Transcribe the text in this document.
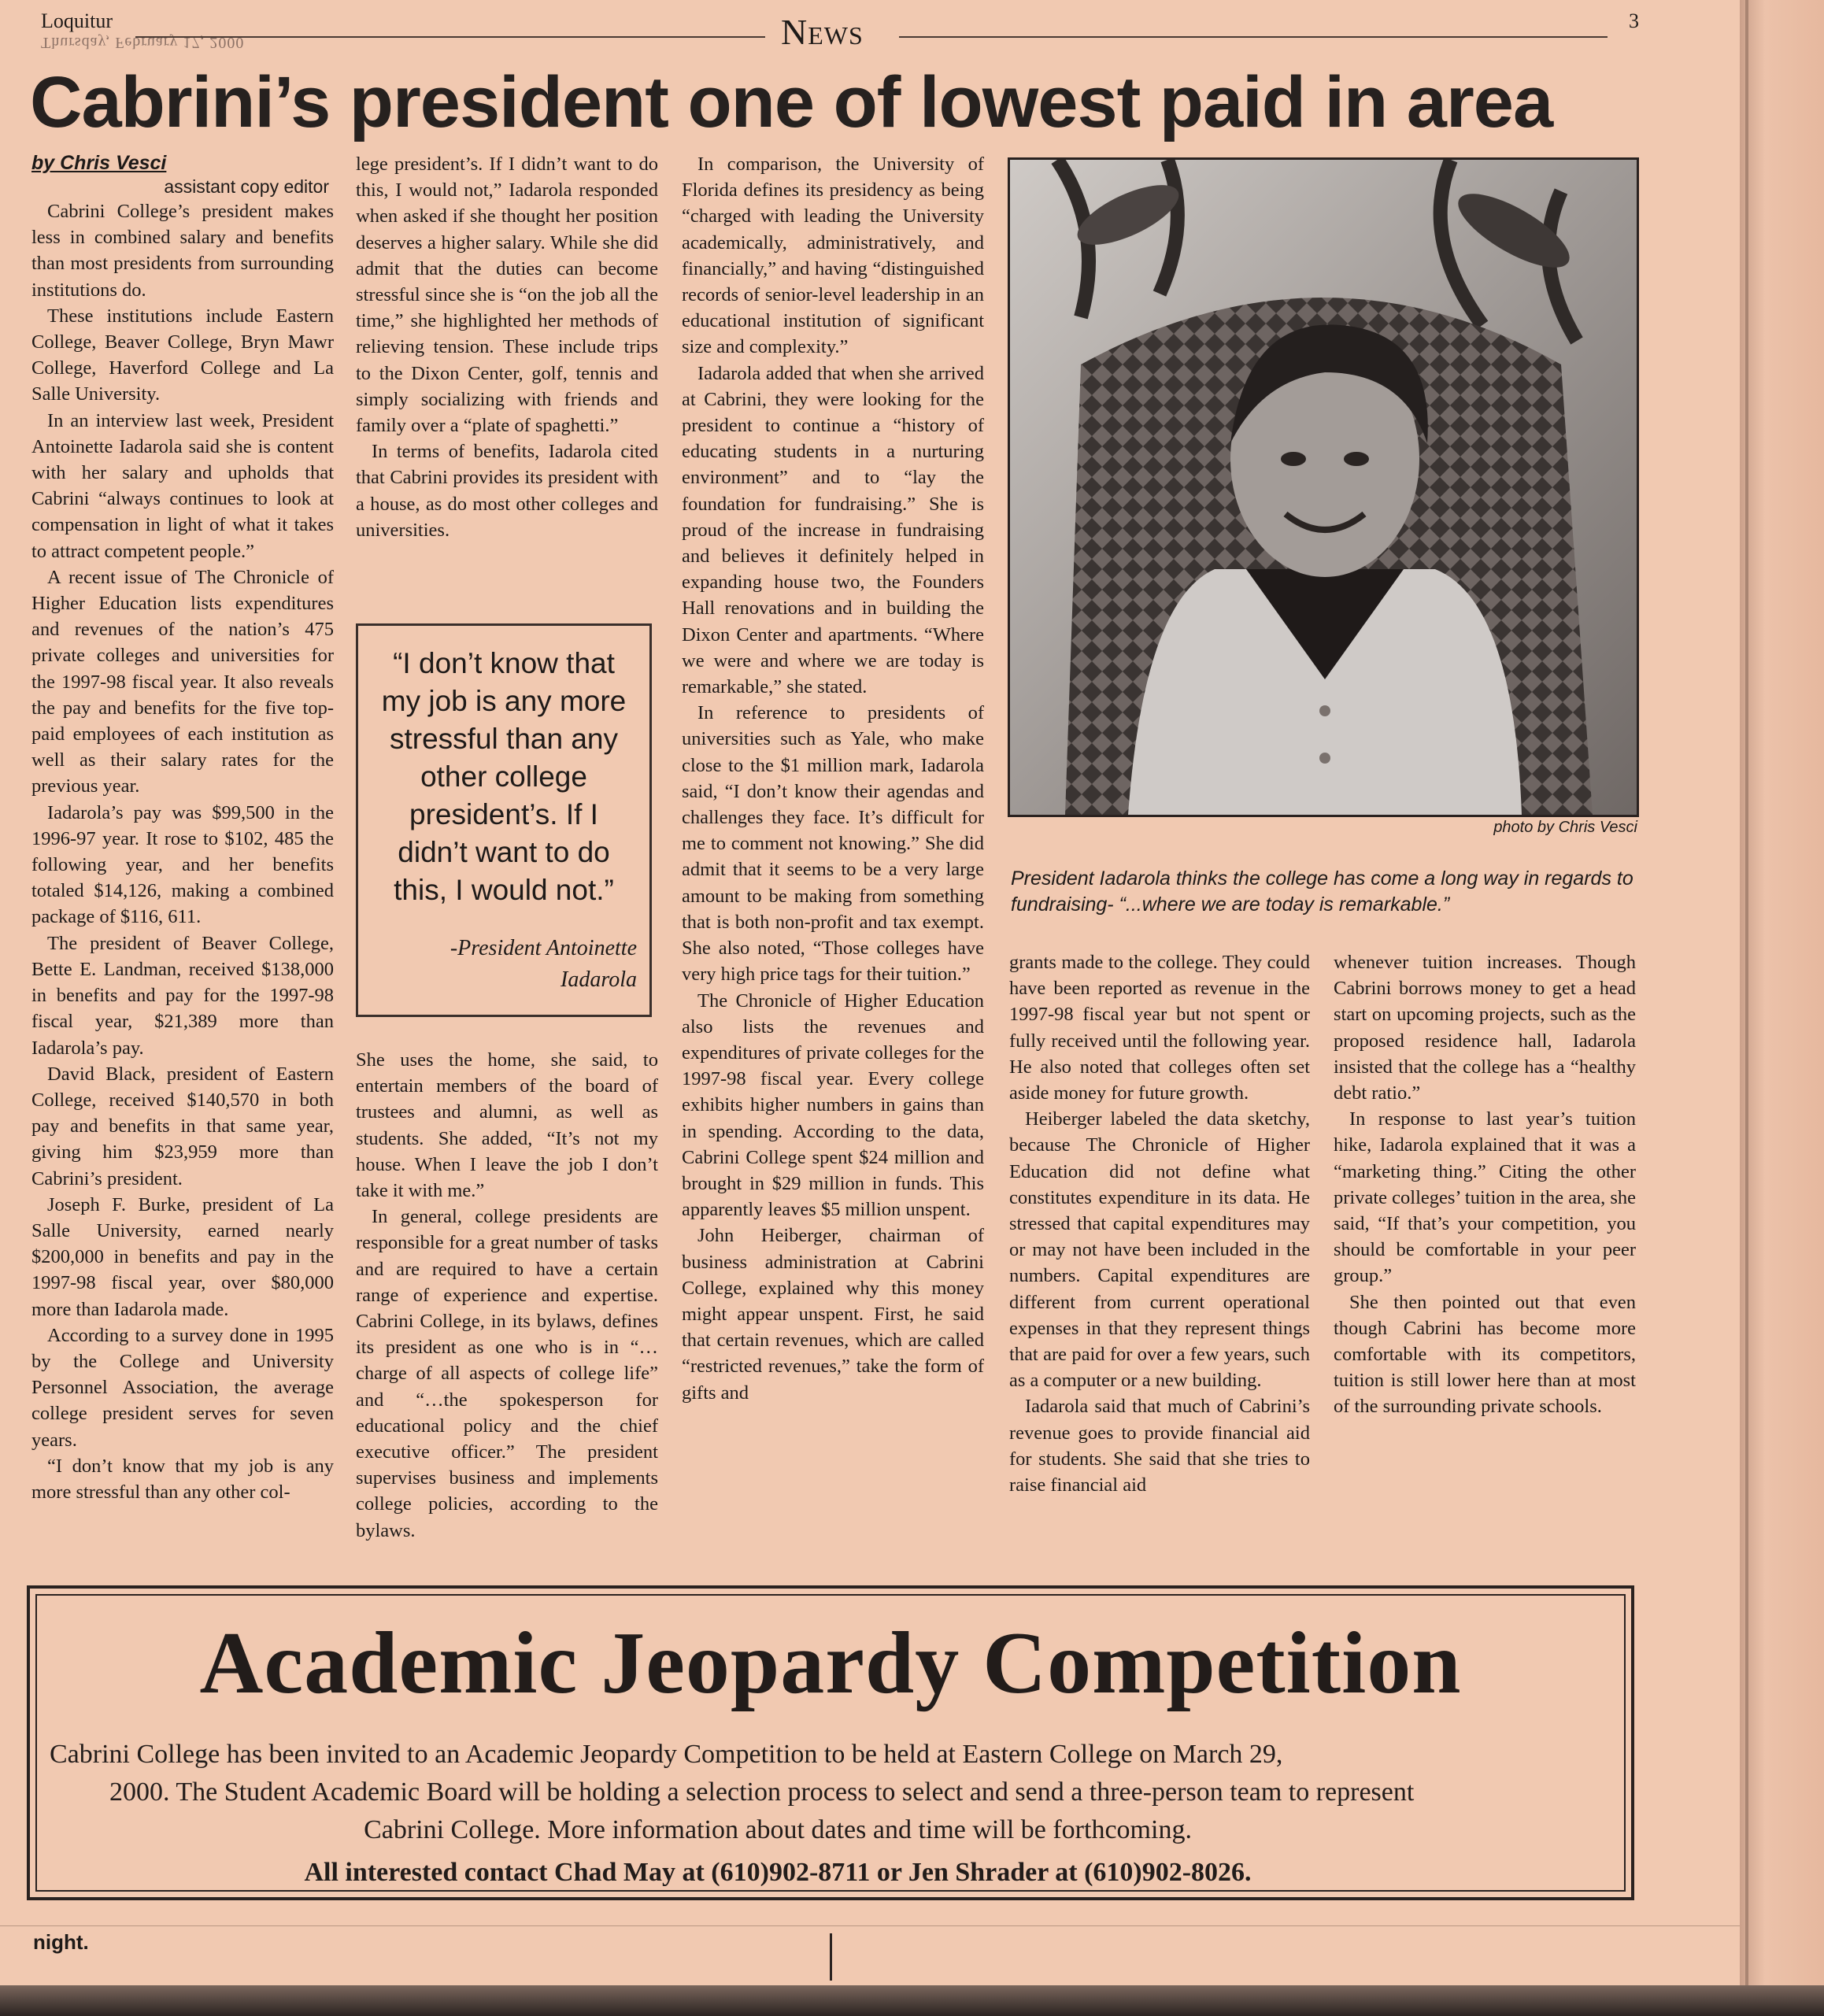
Loquitur
Thursday, February 17, 2000	News	3
Cabrini’s president one of lowest paid in area
by Chris Vesci
assistant copy editor

Cabrini College’s president makes less in combined salary and benefits than most presidents from surrounding institutions do.

These institutions include Eastern College, Beaver College, Bryn Mawr College, Haverford College and La Salle University.

In an interview last week, President Antoinette Iadarola said she is content with her salary and upholds that Cabrini “always continues to look at compensation in light of what it takes to attract competent people.”

A recent issue of The Chronicle of Higher Education lists expenditures and revenues of the nation’s 475 private colleges and universities for the 1997-98 fiscal year. It also reveals the pay and benefits for the five top-paid employees of each institution as well as their salary rates for the previous year.

Iadarola’s pay was $99,500 in the 1996-97 year. It rose to $102, 485 the following year, and her benefits totaled $14,126, making a combined package of $116, 611.

The president of Beaver College, Bette E. Landman, received $138,000 in benefits and pay for the 1997-98 fiscal year, $21,389 more than Iadarola’s pay.

David Black, president of Eastern College, received $140,570 in both pay and benefits in that same year, giving him $23,959 more than Cabrini’s president.

Joseph F. Burke, president of La Salle University, earned nearly $200,000 in benefits and pay in the 1997-98 fiscal year, over $80,000 more than Iadarola made.

According to a survey done in 1995 by the College and University Personnel Association, the average college president serves for seven years.

“I don’t know that my job is any more stressful than any other col-

lege president’s. If I didn’t want to do this, I would not,” Iadarola responded when asked if she thought her position deserves a higher salary. While she did admit that the duties can become stressful since she is “on the job all the time,” she highlighted her methods of relieving tension. These include trips to the Dixon Center, golf, tennis and simply socializing with friends and family over a “plate of spaghetti.”

In terms of benefits, Iadarola cited that Cabrini provides its president with a house, as do most other colleges and universities.

“I don’t know that my job is any more stressful than any other college president’s. If I didn’t want to do this, I would not.”
-President Antoinette Iadarola

She uses the home, she said, to entertain members of the board of trustees and alumni, as well as students. She added, “It’s not my house. When I leave the job I don’t take it with me.”

In general, college presidents are responsible for a great number of tasks and are required to have a certain range of experience and expertise. Cabrini College, in its bylaws, defines its president as one who is in “…charge of all aspects of college life” and “…the spokesperson for educational policy and the chief executive officer.” The president supervises business and implements college policies, according to the bylaws.

In comparison, the University of Florida defines its presidency as being “charged with leading the University academically, administratively, and financially,” and having “distinguished records of senior-level leadership in an educational institution of significant size and complexity.”

Iadarola added that when she arrived at Cabrini, they were looking for the president to continue a “history of educating students in a nurturing environment” and to “lay the foundation for fundraising.” She is proud of the increase in fundraising and believes it definitely helped in expanding house two, the Founders Hall renovations and in building the Dixon Center and apartments. “Where we were and where we are today is remarkable,” she stated.

In reference to presidents of universities such as Yale, who make close to the $1 million mark, Iadarola said, “I don’t know their agendas and challenges they face. It’s difficult for me to comment not knowing.” She did admit that it seems to be a very large amount to be making from something that is both non-profit and tax exempt. She also noted, “Those colleges have very high price tags for their tuition.”

The Chronicle of Higher Education also lists the revenues and expenditures of private colleges for the 1997-98 fiscal year. Every college exhibits higher numbers in gains than in spending. According to the data, Cabrini College spent $24 million and brought in $29 million in funds. This apparently leaves $5 million unspent.

John Heiberger, chairman of business administration at Cabrini College, explained why this money might appear unspent. First, he said that certain revenues, which are called “restricted revenues,” take the form of gifts and

photo by Chris Vesci
President Iadarola thinks the college has come a long way in regards to fundraising- “...where we are today is remarkable.”

grants made to the college. They could have been reported as revenue in the 1997-98 fiscal year but not spent or fully received until the following year. He also noted that colleges often set aside money for future growth.

Heiberger labeled the data sketchy, because The Chronicle of Higher Education did not define what constitutes expenditure in its data. He stressed that capital expenditures may or may not have been included in the numbers. Capital expenditures are different from current operational expenses in that they represent things that are paid for over a few years, such as a computer or a new building.

Iadarola said that much of Cabrini’s revenue goes to provide financial aid for students. She said that she tries to raise financial aid

whenever tuition increases. Though Cabrini borrows money to get a head start on upcoming projects, such as the proposed residence hall, Iadarola insisted that the college has a “healthy debt ratio.”

In response to last year’s tuition hike, Iadarola explained that it was a “marketing thing.” Citing the other private colleges’ tuition in the area, she said, “If that’s your competition, you should be comfortable in your peer group.”

She then pointed out that even though Cabrini has become more comfortable with its competitors, tuition is still lower here than at most of the surrounding private schools.

Academic Jeopardy Competition
Cabrini College has been invited to an Academic Jeopardy Competition to be held at Eastern College on March 29,
2000. The Student Academic Board will be holding a selection process to select and send a three-person team to represent
Cabrini College. More information about dates and time will be forthcoming.
All interested contact Chad May at (610)902-8711 or Jen Shrader at (610)902-8026.
night.
